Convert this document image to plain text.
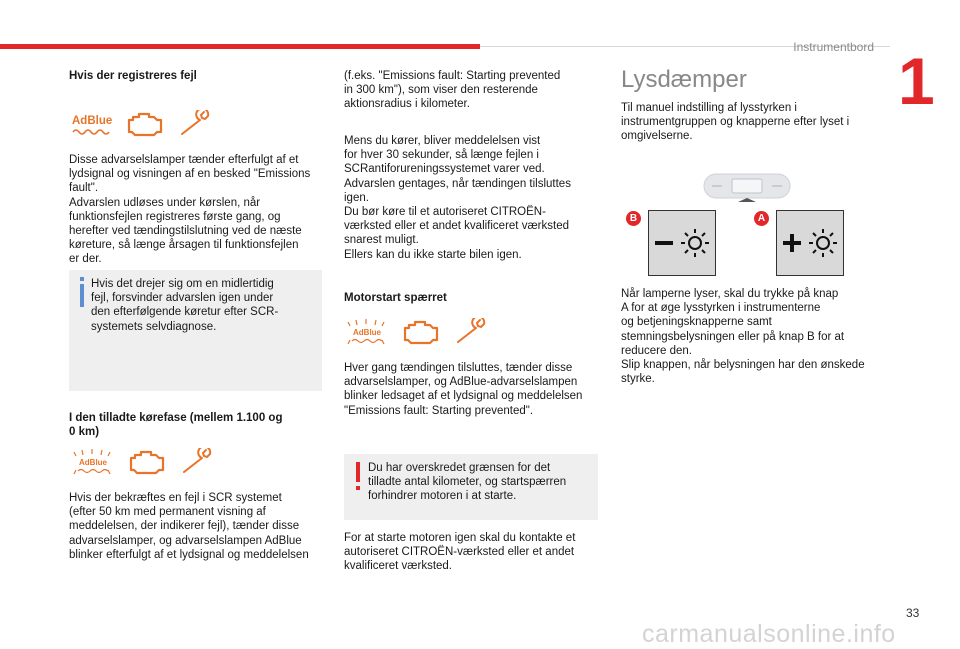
Instrumentbord 1

Hvis der registreres fejl

AdBlue

Disse advarselslamper tænder efterfulgt af et

lydsignal og visningen af en besked "Emissions

fault".

Advarslen udløses under kørslen, når

funktionsfejlen registreres første gang, og

herefter ved tændingstilslutning ved de næste

køreture, så længe årsagen til funktionsfejlen

er der.

Hvis det drejer sig om en midlertidig

fejl, forsvinder advarslen igen under

den efterfølgende køretur efter SCR-

systemets selvdiagnose.

I den tilladte kørefase (mellem 1.100 og

0 km)

AdBlue

Hvis der bekræftes en fejl i SCR systemet

(efter 50 km med permanent visning af

meddelelsen, der indikerer fejl), tænder disse

advarselslamper, og advarselslampen AdBlue

blinker efterfulgt af et lydsignal og meddelelsen

(f.eks. "Emissions fault: Starting prevented

in 300 km"), som viser den resterende

aktionsradius i kilometer.

Mens du kører, bliver meddelelsen vist

for hver 30 sekunder, så længe fejlen i

SCRantiforureningssystemet varer ved.

Advarslen gentages, når tændingen tilsluttes

igen.

Du bør køre til et autoriseret CITROËN-

værksted eller et andet kvalificeret værksted

snarest muligt.

Ellers kan du ikke starte bilen igen.

Motorstart spærret

AdBlue

Hver gang tændingen tilsluttes, tænder disse

advarselslamper, og AdBlue-advarselslampen

blinker ledsaget af et lydsignal og meddelelsen

"Emissions fault: Starting prevented".

Du har overskredet grænsen for det

tilladte antal kilometer, og startspærren

forhindrer motoren i at starte.

For at starte motoren igen skal du kontakte et

autoriseret CITROËN-værksted eller et andet

kvalificeret værksted.

Lysdæmper

Til manuel indstilling af lysstyrken i

instrumentgruppen og knapperne efter lyset i

omgivelserne.

B	A

Når lamperne lyser, skal du trykke på knap

A for at øge lysstyrken i instrumenterne

og betjeningsknapperne samt

stemningsbelysningen eller på knap B for at

reducere den.

Slip knappen, når belysningen har den ønskede

styrke.

33
carmanualsonline.info
